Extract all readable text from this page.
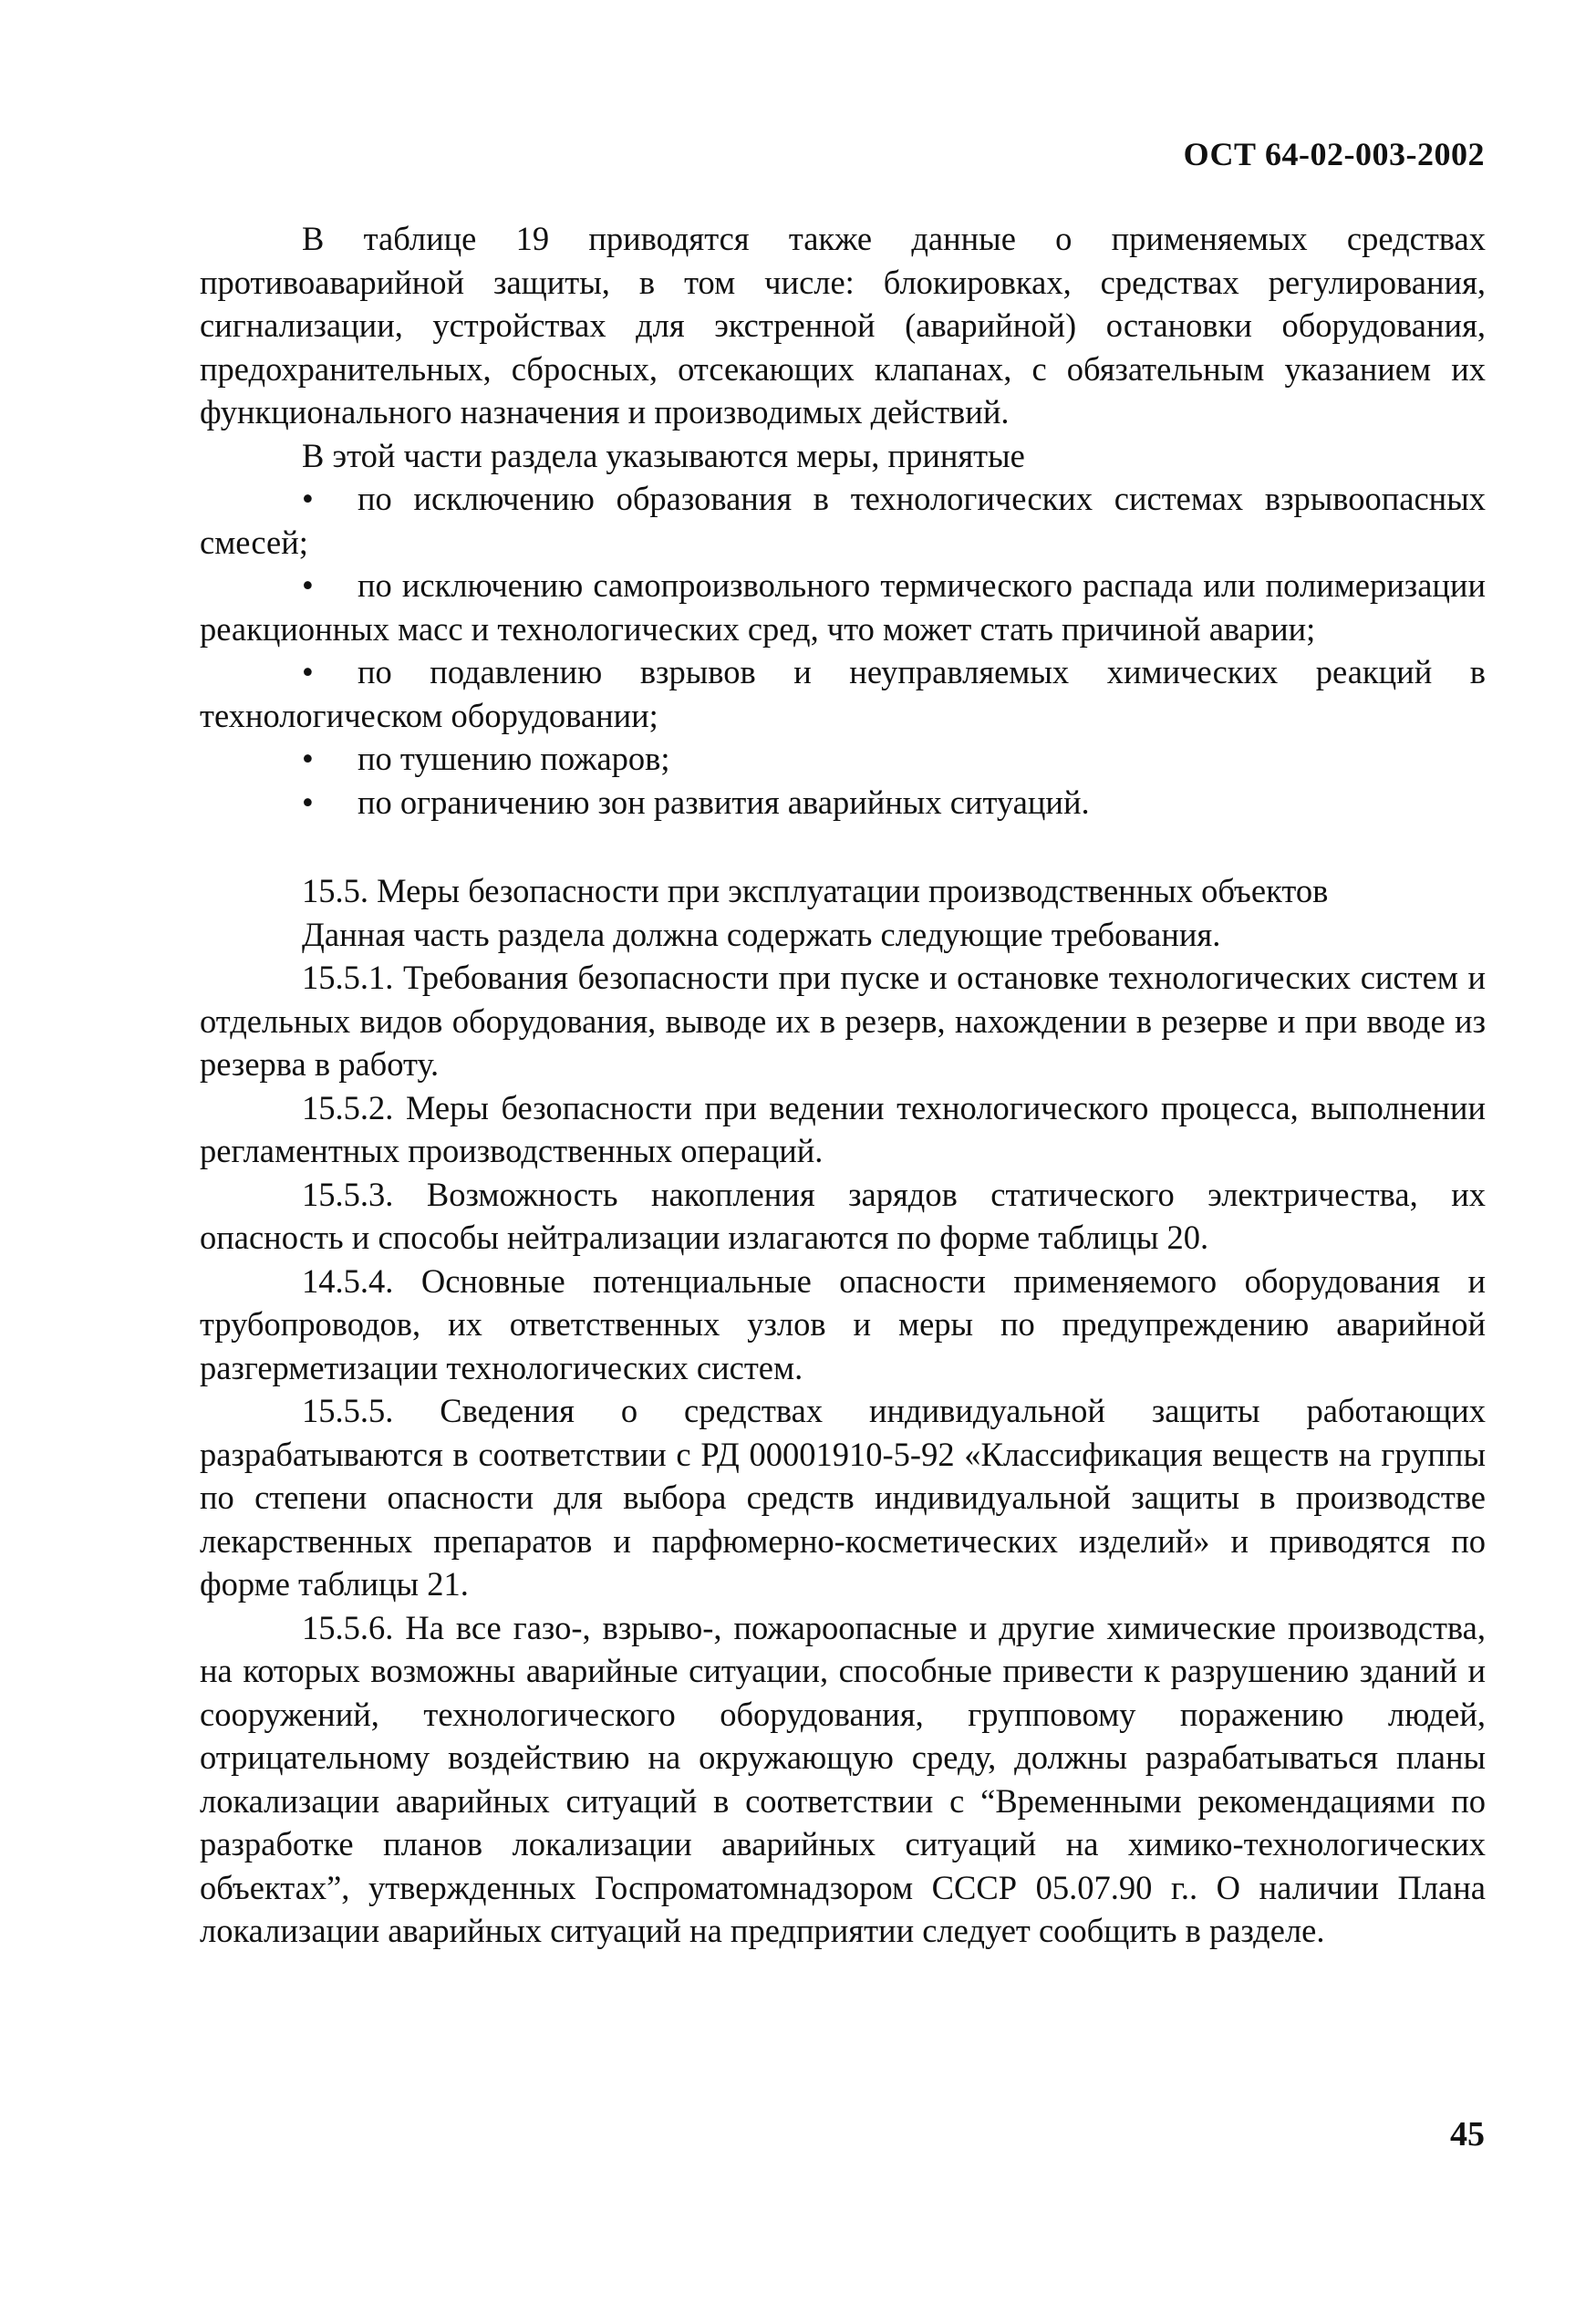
ОСТ 64-02-003-2002

В таблице 19 приводятся также данные о применяемых средствах противоаварийной защиты, в том числе: блокировках, средствах регулирования, сигнализации, устройствах для экстренной (аварийной) остановки оборудования, предохранительных, сбросных, отсекающих клапанах, с обязательным указанием их функционального назначения и производимых действий.

В этой части раздела указываются меры, принятые

• по исключению образования в технологических системах взрывоопасных смесей;
• по исключению самопроизвольного термического распада или полимеризации реакционных масс и технологических сред, что может стать причиной аварии;
• по подавлению взрывов и неуправляемых химических реакций в технологическом оборудовании;
• по тушению пожаров;
• по ограничению зон развития аварийных ситуаций.

15.5. Меры безопасности при эксплуатации производственных объектов

Данная часть раздела должна содержать следующие требования.

15.5.1. Требования безопасности при пуске и остановке технологических систем и отдельных видов оборудования, выводе их в резерв, нахождении в резерве и при вводе из резерва в работу.

15.5.2. Меры безопасности при ведении технологического процесса, выполнении регламентных производственных операций.

15.5.3. Возможность накопления зарядов статического электричества, их опасность и способы нейтрализации излагаются по форме таблицы 20.

14.5.4. Основные потенциальные опасности применяемого оборудования и трубопроводов, их ответственных узлов и меры по предупреждению аварийной разгерметизации технологических систем.

15.5.5. Сведения о средствах индивидуальной защиты работающих разрабатываются в соответствии с РД 00001910-5-92 «Классификация веществ на группы по степени опасности для выбора средств индивидуальной защиты в производстве лекарственных препаратов и парфюмерно-косметических изделий» и приводятся по форме таблицы 21.

15.5.6. На все газо-, взрыво-, пожароопасные и другие химические производства, на которых возможны аварийные ситуации, способные привести к разрушению зданий и сооружений, технологического оборудования, групповому поражению людей, отрицательному воздействию на окружающую среду, должны разрабатываться планы локализации аварийных ситуаций в соответствии с “Временными рекомендациями по разработке планов локализации аварийных ситуаций на химико-технологических объектах”, утвержденных Госпроматомнадзором СССР 05.07.90 г.. О наличии Плана локализации аварийных ситуаций на предприятии следует сообщить в разделе.

45
